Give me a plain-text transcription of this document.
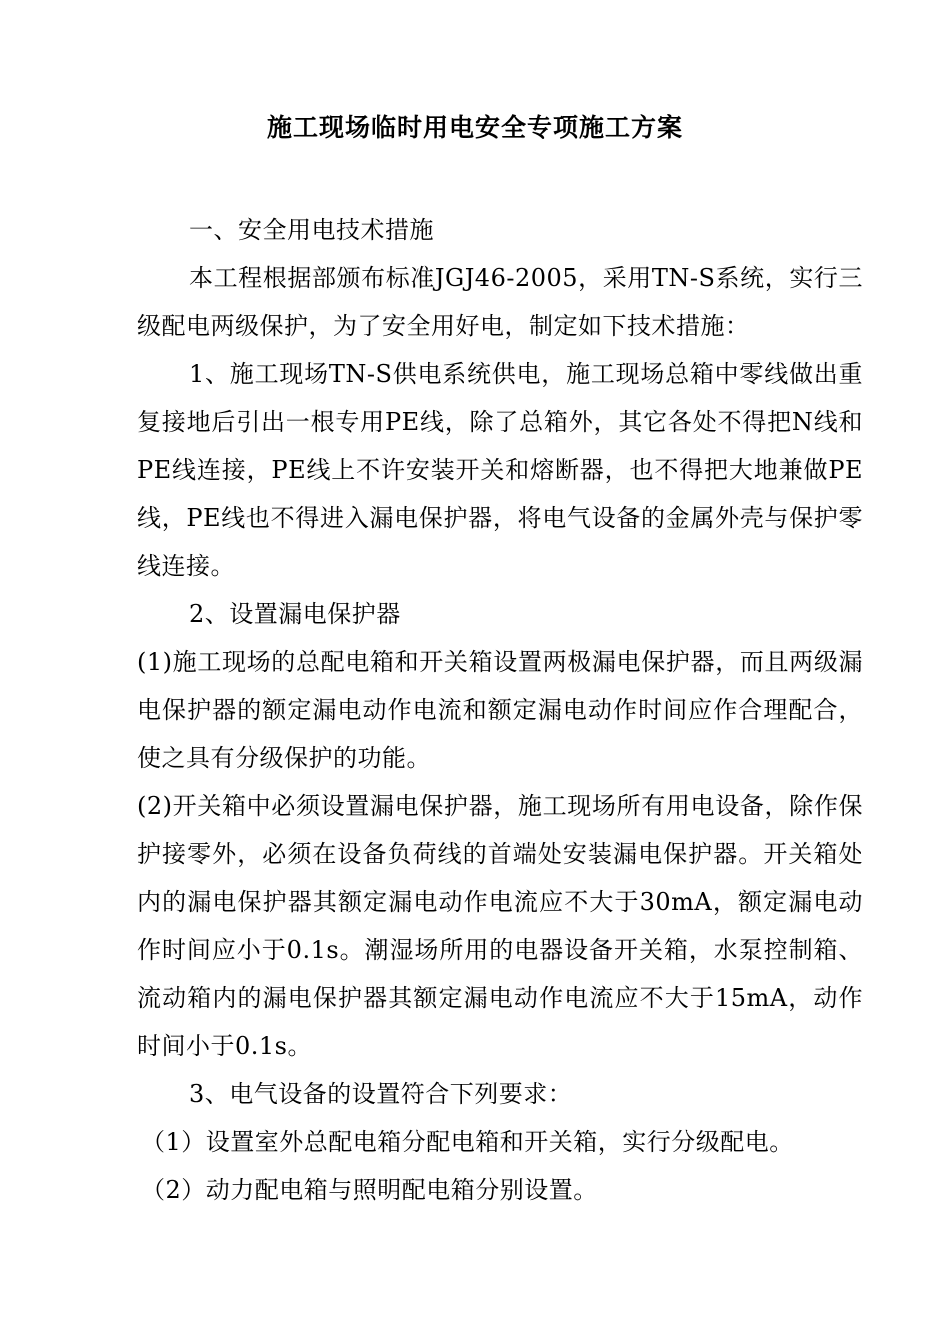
施工现场临时用电安全专项施工方案

一、安全用电技术措施

本工程根据部颁布标准JGJ46-2005，采用TN-S系统，实行三级配电两级保护，为了安全用好电，制定如下技术措施：

1、施工现场TN-S供电系统供电，施工现场总箱中零线做出重复接地后引出一根专用PE线，除了总箱外，其它各处不得把N线和PE线连接，PE线上不许安装开关和熔断器，也不得把大地兼做PE线，PE线也不得进入漏电保护器，将电气设备的金属外壳与保护零线连接。

2、设置漏电保护器

(1)施工现场的总配电箱和开关箱设置两极漏电保护器，而且两级漏电保护器的额定漏电动作电流和额定漏电动作时间应作合理配合，使之具有分级保护的功能。

(2)开关箱中必须设置漏电保护器，施工现场所有用电设备，除作保护接零外，必须在设备负荷线的首端处安装漏电保护器。开关箱处内的漏电保护器其额定漏电动作电流应不大于30mA，额定漏电动作时间应小于0.1s。潮湿场所用的电器设备开关箱，水泵控制箱、流动箱内的漏电保护器其额定漏电动作电流应不大于15mA，动作时间小于0.1s。

3、电气设备的设置符合下列要求：

（1）设置室外总配电箱分配电箱和开关箱，实行分级配电。

（2）动力配电箱与照明配电箱分别设置。
